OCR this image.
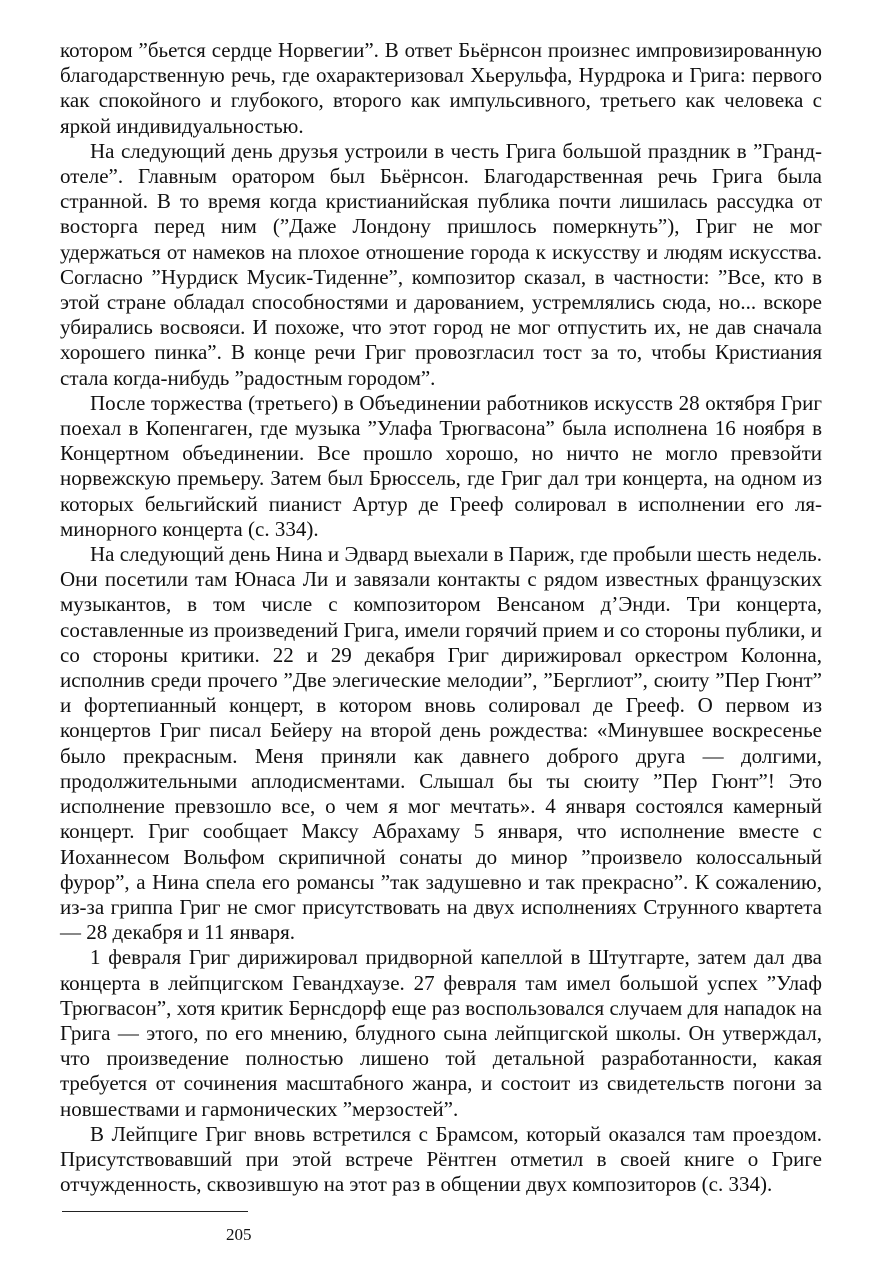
котором ”бьется сердце Норвегии”. В ответ Бьёрнсон произнес импровизированную благодарственную речь, где охарактеризовал Хьерульфа, Нурдрока и Грига: первого как спокойного и глубокого, второго как импульсивного, третьего как человека с яркой индивидуальностью.

На следующий день друзья устроили в честь Грига большой праздник в ”Гранд-отеле”. Главным оратором был Бьёрнсон. Благодарственная речь Грига была странной. В то время когда кристианийская публика почти лишилась рассудка от восторга перед ним (”Даже Лондону пришлось померкнуть”), Григ не мог удержаться от намеков на плохое отношение города к искусству и людям искусства. Согласно ”Нурдиск Мусик-Тиденне”, композитор сказал, в частности: ”Все, кто в этой стране обладал способностями и дарованием, устремлялись сюда, но... вскоре убирались восвояси. И похоже, что этот город не мог отпустить их, не дав сначала хорошего пинка”. В конце речи Григ провозгласил тост за то, чтобы Кристиания стала когда-нибудь ”радостным городом”.

После торжества (третьего) в Объединении работников искусств 28 октября Григ поехал в Копенгаген, где музыка ”Улафа Трюгвасона” была исполнена 16 ноября в Концертном объединении. Все прошло хорошо, но ничто не могло превзойти норвежскую премьеру. Затем был Брюссель, где Григ дал три концерта, на одном из которых бельгийский пианист Артур де Грееф солировал в исполнении его ля-минорного концерта (с. 334).

На следующий день Нина и Эдвард выехали в Париж, где пробыли шесть недель. Они посетили там Юнаса Ли и завязали контакты с рядом известных французских музыкантов, в том числе с композитором Венсаном д’Энди. Три концерта, составленные из произведений Грига, имели горячий прием и со стороны публики, и со стороны критики. 22 и 29 декабря Григ дирижировал оркестром Колонна, исполнив среди прочего ”Две элегические мелодии”, ”Берглиот”, сюиту ”Пер Гюнт” и фортепианный концерт, в котором вновь солировал де Грееф. О первом из концертов Григ писал Бейеру на второй день рождества: «Минувшее воскресенье было прекрасным. Меня приняли как давнего доброго друга — долгими, продолжительными аплодисментами. Слышал бы ты сюиту ”Пер Гюнт”! Это исполнение превзошло все, о чем я мог мечтать». 4 января состоялся камерный концерт. Григ сообщает Максу Абрахаму 5 января, что исполнение вместе с Иоханнесом Вольфом скрипичной сонаты до минор ”произвело колоссальный фурор”, а Нина спела его романсы ”так задушевно и так прекрасно”. К сожалению, из-за гриппа Григ не смог присутствовать на двух исполнениях Струнного квартета — 28 декабря и 11 января.

1 февраля Григ дирижировал придворной капеллой в Штутгарте, затем дал два концерта в лейпцигском Гевандхаузе. 27 февраля там имел большой успех ”Улаф Трюгвасон”, хотя критик Бернсдорф еще раз воспользовался случаем для нападок на Грига — этого, по его мнению, блудного сына лейпцигской школы. Он утверждал, что произведение полностью лишено той детальной разработанности, какая требуется от сочинения масштабного жанра, и состоит из свидетельств погони за новшествами и гармонических ”мерзостей”.

В Лейпциге Григ вновь встретился с Брамсом, который оказался там проездом. Присутствовавший при этой встрече Рёнтген отметил в своей книге о Григе отчужденность, сквозившую на этот раз в общении двух композиторов (с. 334).

205
